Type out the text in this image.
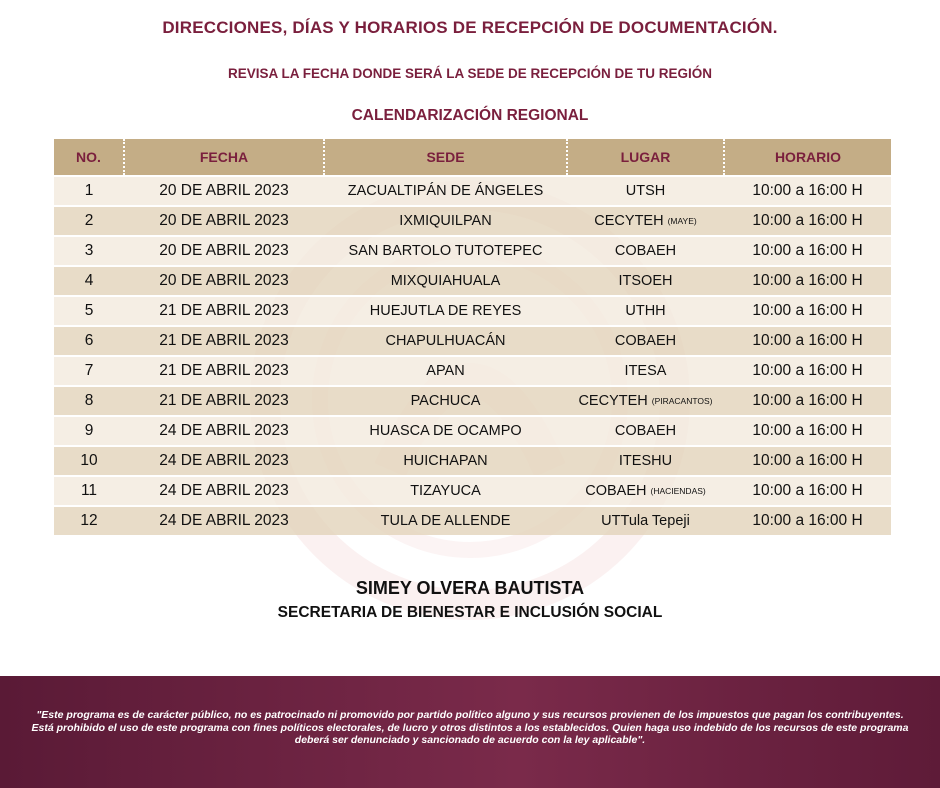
DIRECCIONES, DÍAS Y HORARIOS DE RECEPCIÓN DE DOCUMENTACIÓN.
REVISA LA FECHA DONDE SERÁ LA SEDE DE RECEPCIÓN DE TU REGIÓN
CALENDARIZACIÓN REGIONAL
NO.	FECHA	SEDE	LUGAR	HORARIO
1	20 DE ABRIL 2023	ZACUALTIPÁN DE ÁNGELES	UTSH	10:00 a 16:00 H
2	20 DE ABRIL 2023	IXMIQUILPAN	CECYTEH (MAYE)	10:00 a 16:00 H
3	20 DE ABRIL 2023	SAN BARTOLO TUTOTEPEC	COBAEH	10:00 a 16:00 H
4	20 DE ABRIL 2023	MIXQUIAHUALA	ITSOEH	10:00 a 16:00 H
5	21 DE ABRIL 2023	HUEJUTLA DE REYES	UTHH	10:00 a 16:00 H
6	21 DE ABRIL 2023	CHAPULHUACÁN	COBAEH	10:00 a 16:00 H
7	21 DE ABRIL 2023	APAN	ITESA	10:00 a 16:00 H
8	21 DE ABRIL 2023	PACHUCA	CECYTEH (PIRACANTOS)	10:00 a 16:00 H
9	24 DE ABRIL 2023	HUASCA DE OCAMPO	COBAEH	10:00 a 16:00 H
10	24 DE ABRIL 2023	HUICHAPAN	ITESHU	10:00 a 16:00 H
11	24 DE ABRIL 2023	TIZAYUCA	COBAEH (HACIENDAS)	10:00 a 16:00 H
12	24 DE ABRIL 2023	TULA DE ALLENDE	UTTula Tepeji	10:00 a 16:00 H
SIMEY OLVERA BAUTISTA
SECRETARIA DE BIENESTAR E INCLUSIÓN SOCIAL

"Este programa es de carácter público, no es patrocinado ni promovido por partido político alguno y sus recursos provienen de los impuestos que pagan los contribuyentes. Está prohibido el uso de este programa con fines políticos electorales, de lucro y otros distintos a los establecidos. Quien haga uso indebido de los recursos de este programa deberá ser denunciado y sancionado de acuerdo con la ley aplicable".
